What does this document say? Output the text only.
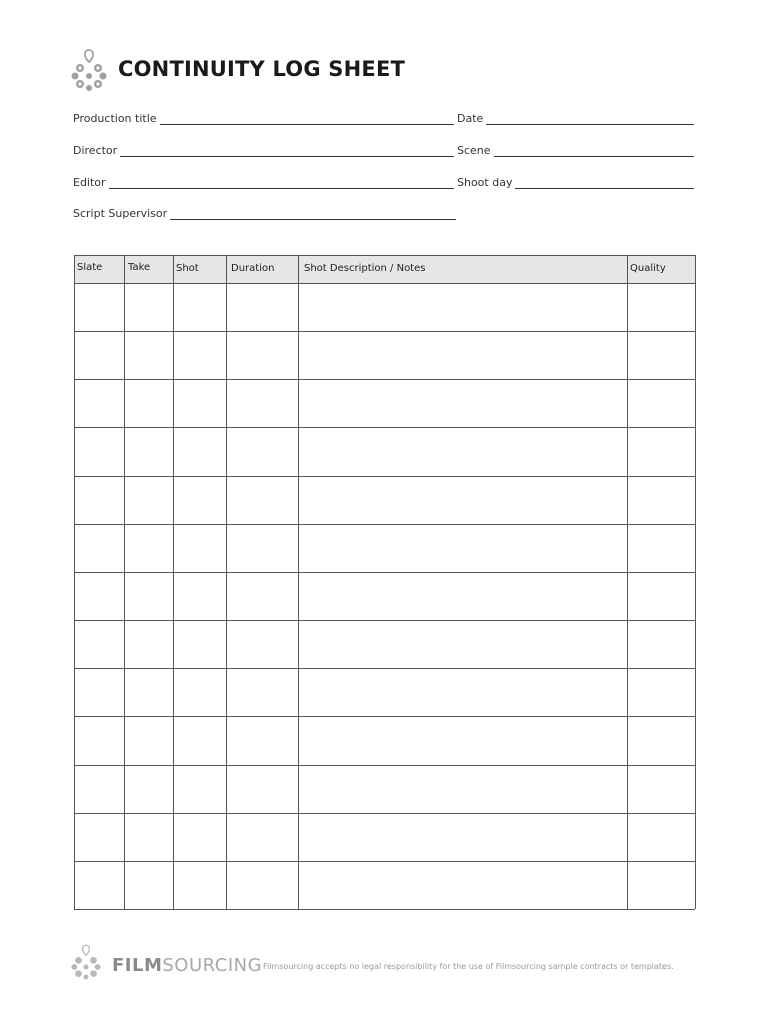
CONTINUITY LOG SHEET
Production title	Date
Director	Scene
Editor	Shoot day
Script Supervisor
Slate	Take	Shot	Duration	Shot Description / Notes	Quality
FILMSOURCING Filmsourcing accepts no legal responsibility for the use of Filmsourcing sample contracts or templates.
